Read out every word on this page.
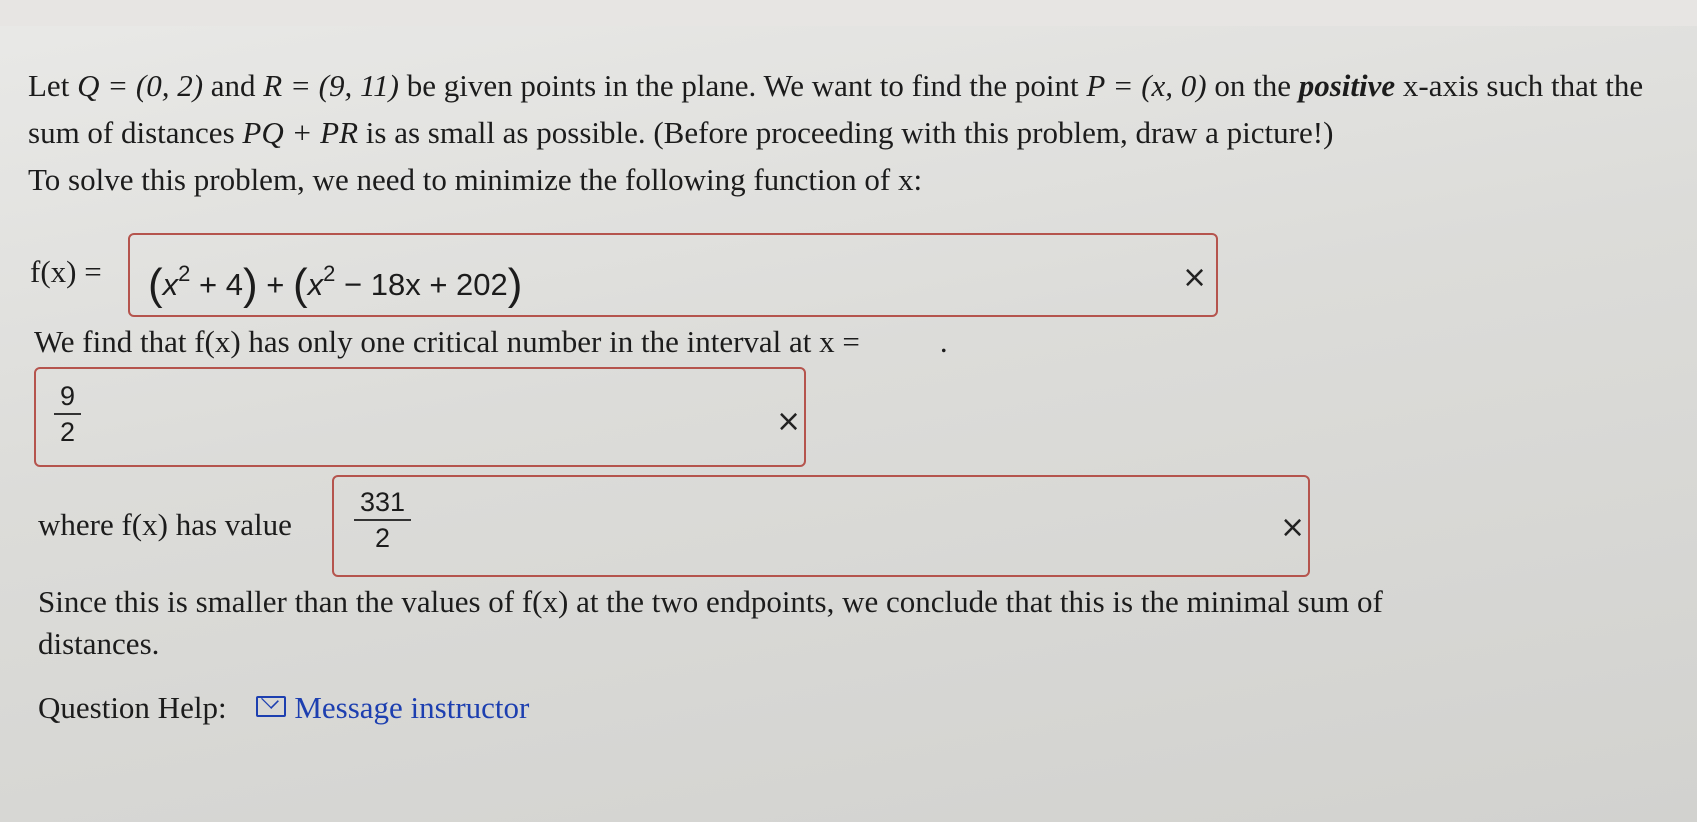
Let Q = (0, 2) and R = (9, 11) be given points in the plane. We want to find the point P = (x, 0) on the positive x-axis such that the sum of distances PQ + PR is as small as possible. (Before proceeding with this problem, draw a picture!)

To solve this problem, we need to minimize the following function of x:

$f(x) = (x^2 + 4) + (x^2 - 18x + 202)$	×
We find that f(x) has only one critical number in the interval at x =	.
9
2	×
where f(x) has value
331
2	×
Since this is smaller than the values of f(x) at the two endpoints, we conclude that this is the minimal sum of distances.
Question Help: Message instructor
